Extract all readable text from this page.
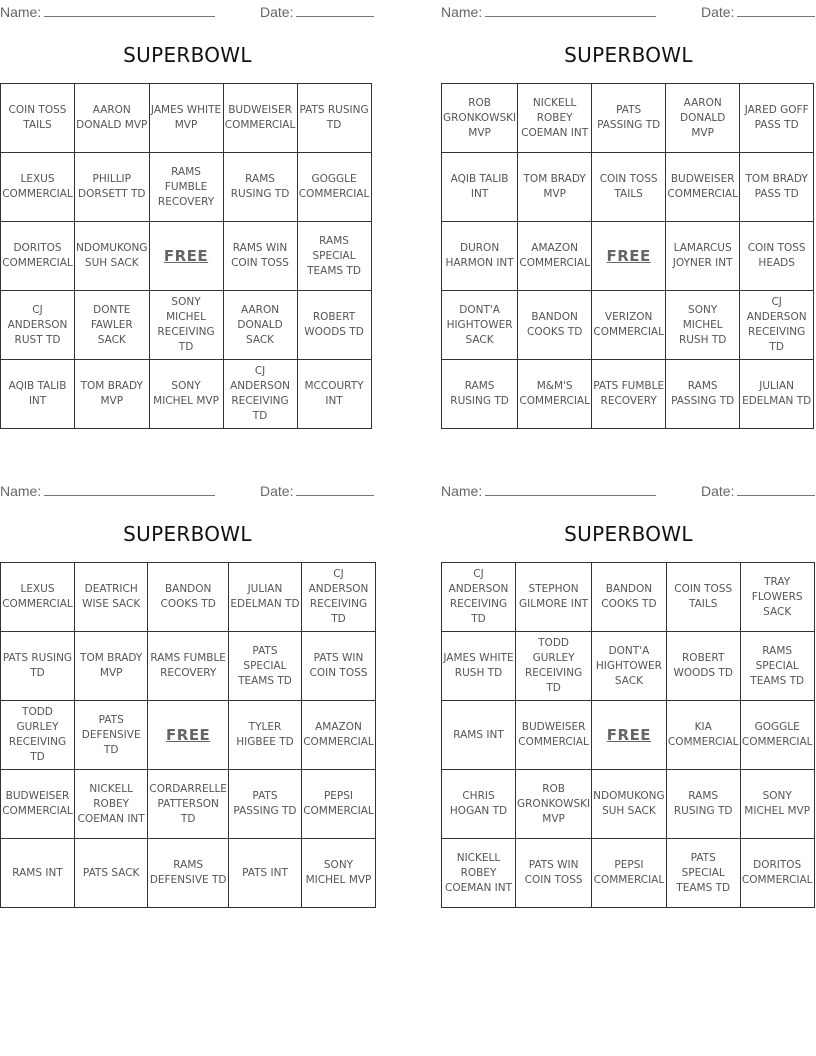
Name:	Date:
SUPERBOWL
COIN TOSS TAILS	AARON DONALD MVP	JAMES WHITE MVP	BUDWEISER COMMERCIAL	PATS RUSING TD
LEXUS COMMERCIAL	PHILLIP DORSETT TD	RAMS FUMBLE RECOVERY	RAMS RUSING TD	GOGGLE COMMERCIAL
DORITOS COMMERCIAL	NDOMUKONG SUH SACK	FREE	RAMS WIN COIN TOSS	RAMS SPECIAL TEAMS TD
CJ ANDERSON RUST TD	DONTE FAWLER SACK	SONY MICHEL RECEIVING TD	AARON DONALD SACK	ROBERT WOODS TD
AQIB TALIB INT	TOM BRADY MVP	SONY MICHEL MVP	CJ ANDERSON RECEIVING TD	MCCOURTY INT
Name:	Date:
SUPERBOWL
ROB GRONKOWSKI MVP	NICKELL ROBEY COEMAN INT	PATS PASSING TD	AARON DONALD MVP	JARED GOFF PASS TD
AQIB TALIB INT	TOM BRADY MVP	COIN TOSS TAILS	BUDWEISER COMMERCIAL	TOM BRADY PASS TD
DURON HARMON INT	AMAZON COMMERCIAL	FREE	LAMARCUS JOYNER INT	COIN TOSS HEADS
DONT'A HIGHTOWER SACK	BANDON COOKS TD	VERIZON COMMERCIAL	SONY MICHEL RUSH TD	CJ ANDERSON RECEIVING TD
RAMS RUSING TD	M&M'S COMMERCIAL	PATS FUMBLE RECOVERY	RAMS PASSING TD	JULIAN EDELMAN TD
Name:	Date:
SUPERBOWL
LEXUS COMMERCIAL	DEATRICH WISE SACK	BANDON COOKS TD	JULIAN EDELMAN TD	CJ ANDERSON RECEIVING TD
PATS RUSING TD	TOM BRADY MVP	RAMS FUMBLE RECOVERY	PATS SPECIAL TEAMS TD	PATS WIN COIN TOSS
TODD GURLEY RECEIVING TD	PATS DEFENSIVE TD	FREE	TYLER HIGBEE TD	AMAZON COMMERCIAL
BUDWEISER COMMERCIAL	NICKELL ROBEY COEMAN INT	CORDARRELLE PATTERSON TD	PATS PASSING TD	PEPSI COMMERCIAL
RAMS INT	PATS SACK	RAMS DEFENSIVE TD	PATS INT	SONY MICHEL MVP
Name:	Date:
SUPERBOWL
CJ ANDERSON RECEIVING TD	STEPHON GILMORE INT	BANDON COOKS TD	COIN TOSS TAILS	TRAY FLOWERS SACK
JAMES WHITE RUSH TD	TODD GURLEY RECEIVING TD	DONT'A HIGHTOWER SACK	ROBERT WOODS TD	RAMS SPECIAL TEAMS TD
RAMS INT	BUDWEISER COMMERCIAL	FREE	KIA COMMERCIAL	GOGGLE COMMERCIAL
CHRIS HOGAN TD	ROB GRONKOWSKI MVP	NDOMUKONG SUH SACK	RAMS RUSING TD	SONY MICHEL MVP
NICKELL ROBEY COEMAN INT	PATS WIN COIN TOSS	PEPSI COMMERCIAL	PATS SPECIAL TEAMS TD	DORITOS COMMERCIAL
